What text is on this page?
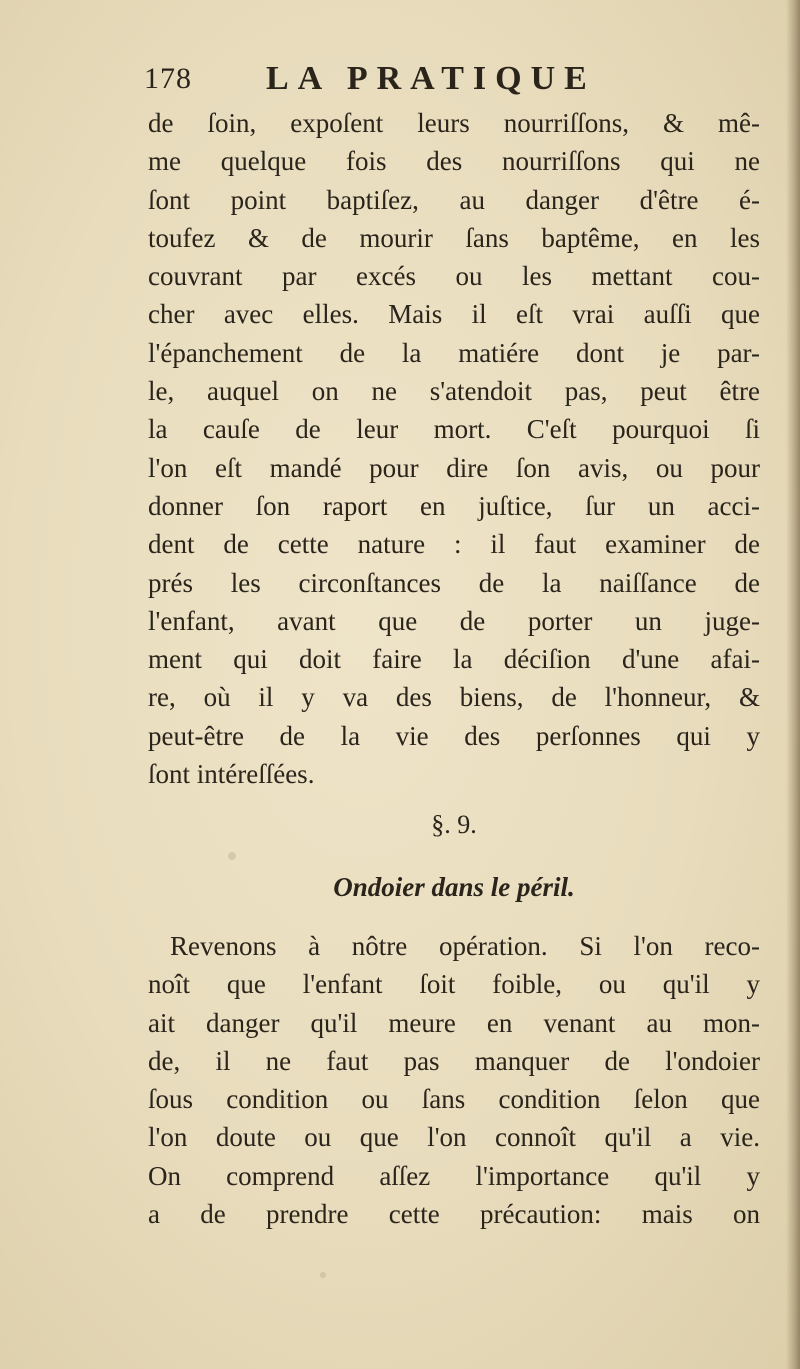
178 LA PRATIQUE
de ſoin, expoſent leurs nourriſſons, & mê-
me quelque fois des nourriſſons qui ne
ſont point baptiſez, au danger d'être é-
toufez & de mourir ſans baptême, en les
couvrant par excés ou les mettant cou-
cher avec elles. Mais il eſt vrai auſſi que
l'épanchement de la matiére dont je par-
le, auquel on ne s'atendoit pas, peut être
la cauſe de leur mort. C'eſt pourquoi ſi
l'on eſt mandé pour dire ſon avis, ou pour
donner ſon raport en juſtice, ſur un acci-
dent de cette nature : il faut examiner de
prés les circonſtances de la naiſſance de
l'enfant, avant que de porter un juge-
ment qui doit faire la déciſion d'une afai-
re, où il y va des biens, de l'honneur, &
peut-être de la vie des perſonnes qui y
ſont intéreſſées.
§. 9.
Ondoier dans le péril.
Revenons à nôtre opération. Si l'on reco-
noît que l'enfant ſoit foible, ou qu'il y
ait danger qu'il meure en venant au mon-
de, il ne faut pas manquer de l'ondoier
ſous condition ou ſans condition ſelon que
l'on doute ou que l'on connoît qu'il a vie.
On comprend aſſez l'importance qu'il y
a de prendre cette précaution: mais on
